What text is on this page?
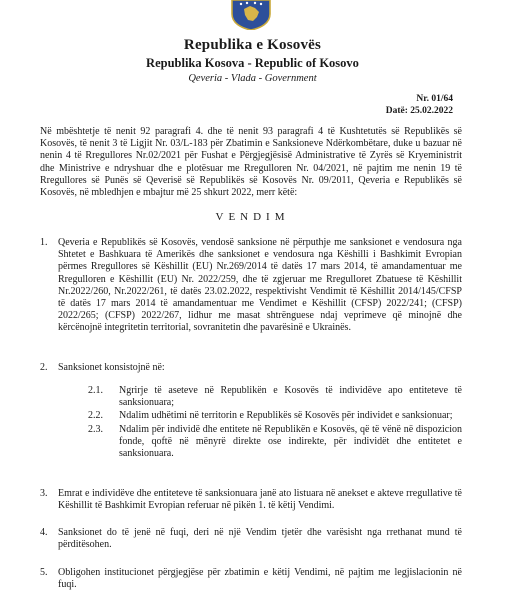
Republika e Kosovës
Republika Kosova - Republic of Kosovo
Qeveria - Vlada - Government
Nr. 01/64
Datë: 25.02.2022
Në mbështetje të nenit 92 paragrafi 4. dhe të nenit 93 paragrafi 4 të Kushtetutës së Republikës së Kosovës, të nenit 3 të Ligjit Nr. 03/L-183 për Zbatimin e Sanksioneve Ndërkombëtare, duke u bazuar në nenin 4 të Rregullores Nr.02/2021 për Fushat e Përgjegjësisë Administrative të Zyrës së Kryeministrit dhe Ministrive e ndryshuar dhe e plotësuar me Rregulloren Nr. 04/2021, në pajtim me nenin 19 të Rregullores së Punës së Qeverisë së Republikës së Kosovës Nr. 09/2011, Qeveria e Republikës së Kosovës, në mbledhjen e mbajtur më 25 shkurt 2022, merr këtë:
VENDIM
1. Qeveria e Republikës së Kosovës, vendosë sanksione në përputhje me sanksionet e vendosura nga Shtetet e Bashkuara të Amerikës dhe sanksionet e vendosura nga Këshilli i Bashkimit Evropian përmes Rregullores së Këshillit (EU) Nr.269/2014 të datës 17 mars 2014, të amandamentuar me Rregulloren e Këshillit (EU) Nr. 2022/259, dhe të zgjeruar me Rregulloret Zbatuese të Këshillit Nr.2022/260, Nr.2022/261, të datës 23.02.2022, respektivisht Vendimit të Këshillit 2014/145/CFSP të datës 17 mars 2014 të amandamentuar me Vendimet e Këshillit (CFSP) 2022/241; (CFSP) 2022/265; (CFSP) 2022/267, lidhur me masat shtrënguese ndaj veprimeve që minojnë dhe kërcënojnë integritetin territorial, sovranitetin dhe pavarësinë e Ukrainës.
2. Sanksionet konsistojnë në:
2.1. Ngrirje të aseteve në Republikën e Kosovës të individëve apo entiteteve të sanksionuara;
2.2. Ndalim udhëtimi në territorin e Republikës së Kosovës për individet e sanksionuar;
2.3. Ndalim për individë dhe entitete në Republikën e Kosovës, që të vënë në dispozicion fonde, qoftë në mënyrë direkte ose indirekte, për individët dhe entitetet e sanksionuara.
3. Emrat e individëve dhe entiteteve të sanksionuara janë ato listuara në anekset e akteve rregullative të Këshillit të Bashkimit Evropian referuar në pikën 1. të këtij Vendimi.
4. Sanksionet do të jenë në fuqi, deri në një Vendim tjetër dhe varësisht nga rrethanat mund të përditësohen.
5. Obligohen institucionet përgjegjëse për zbatimin e këtij Vendimi, në pajtim me legjislacionin në fuqi.
